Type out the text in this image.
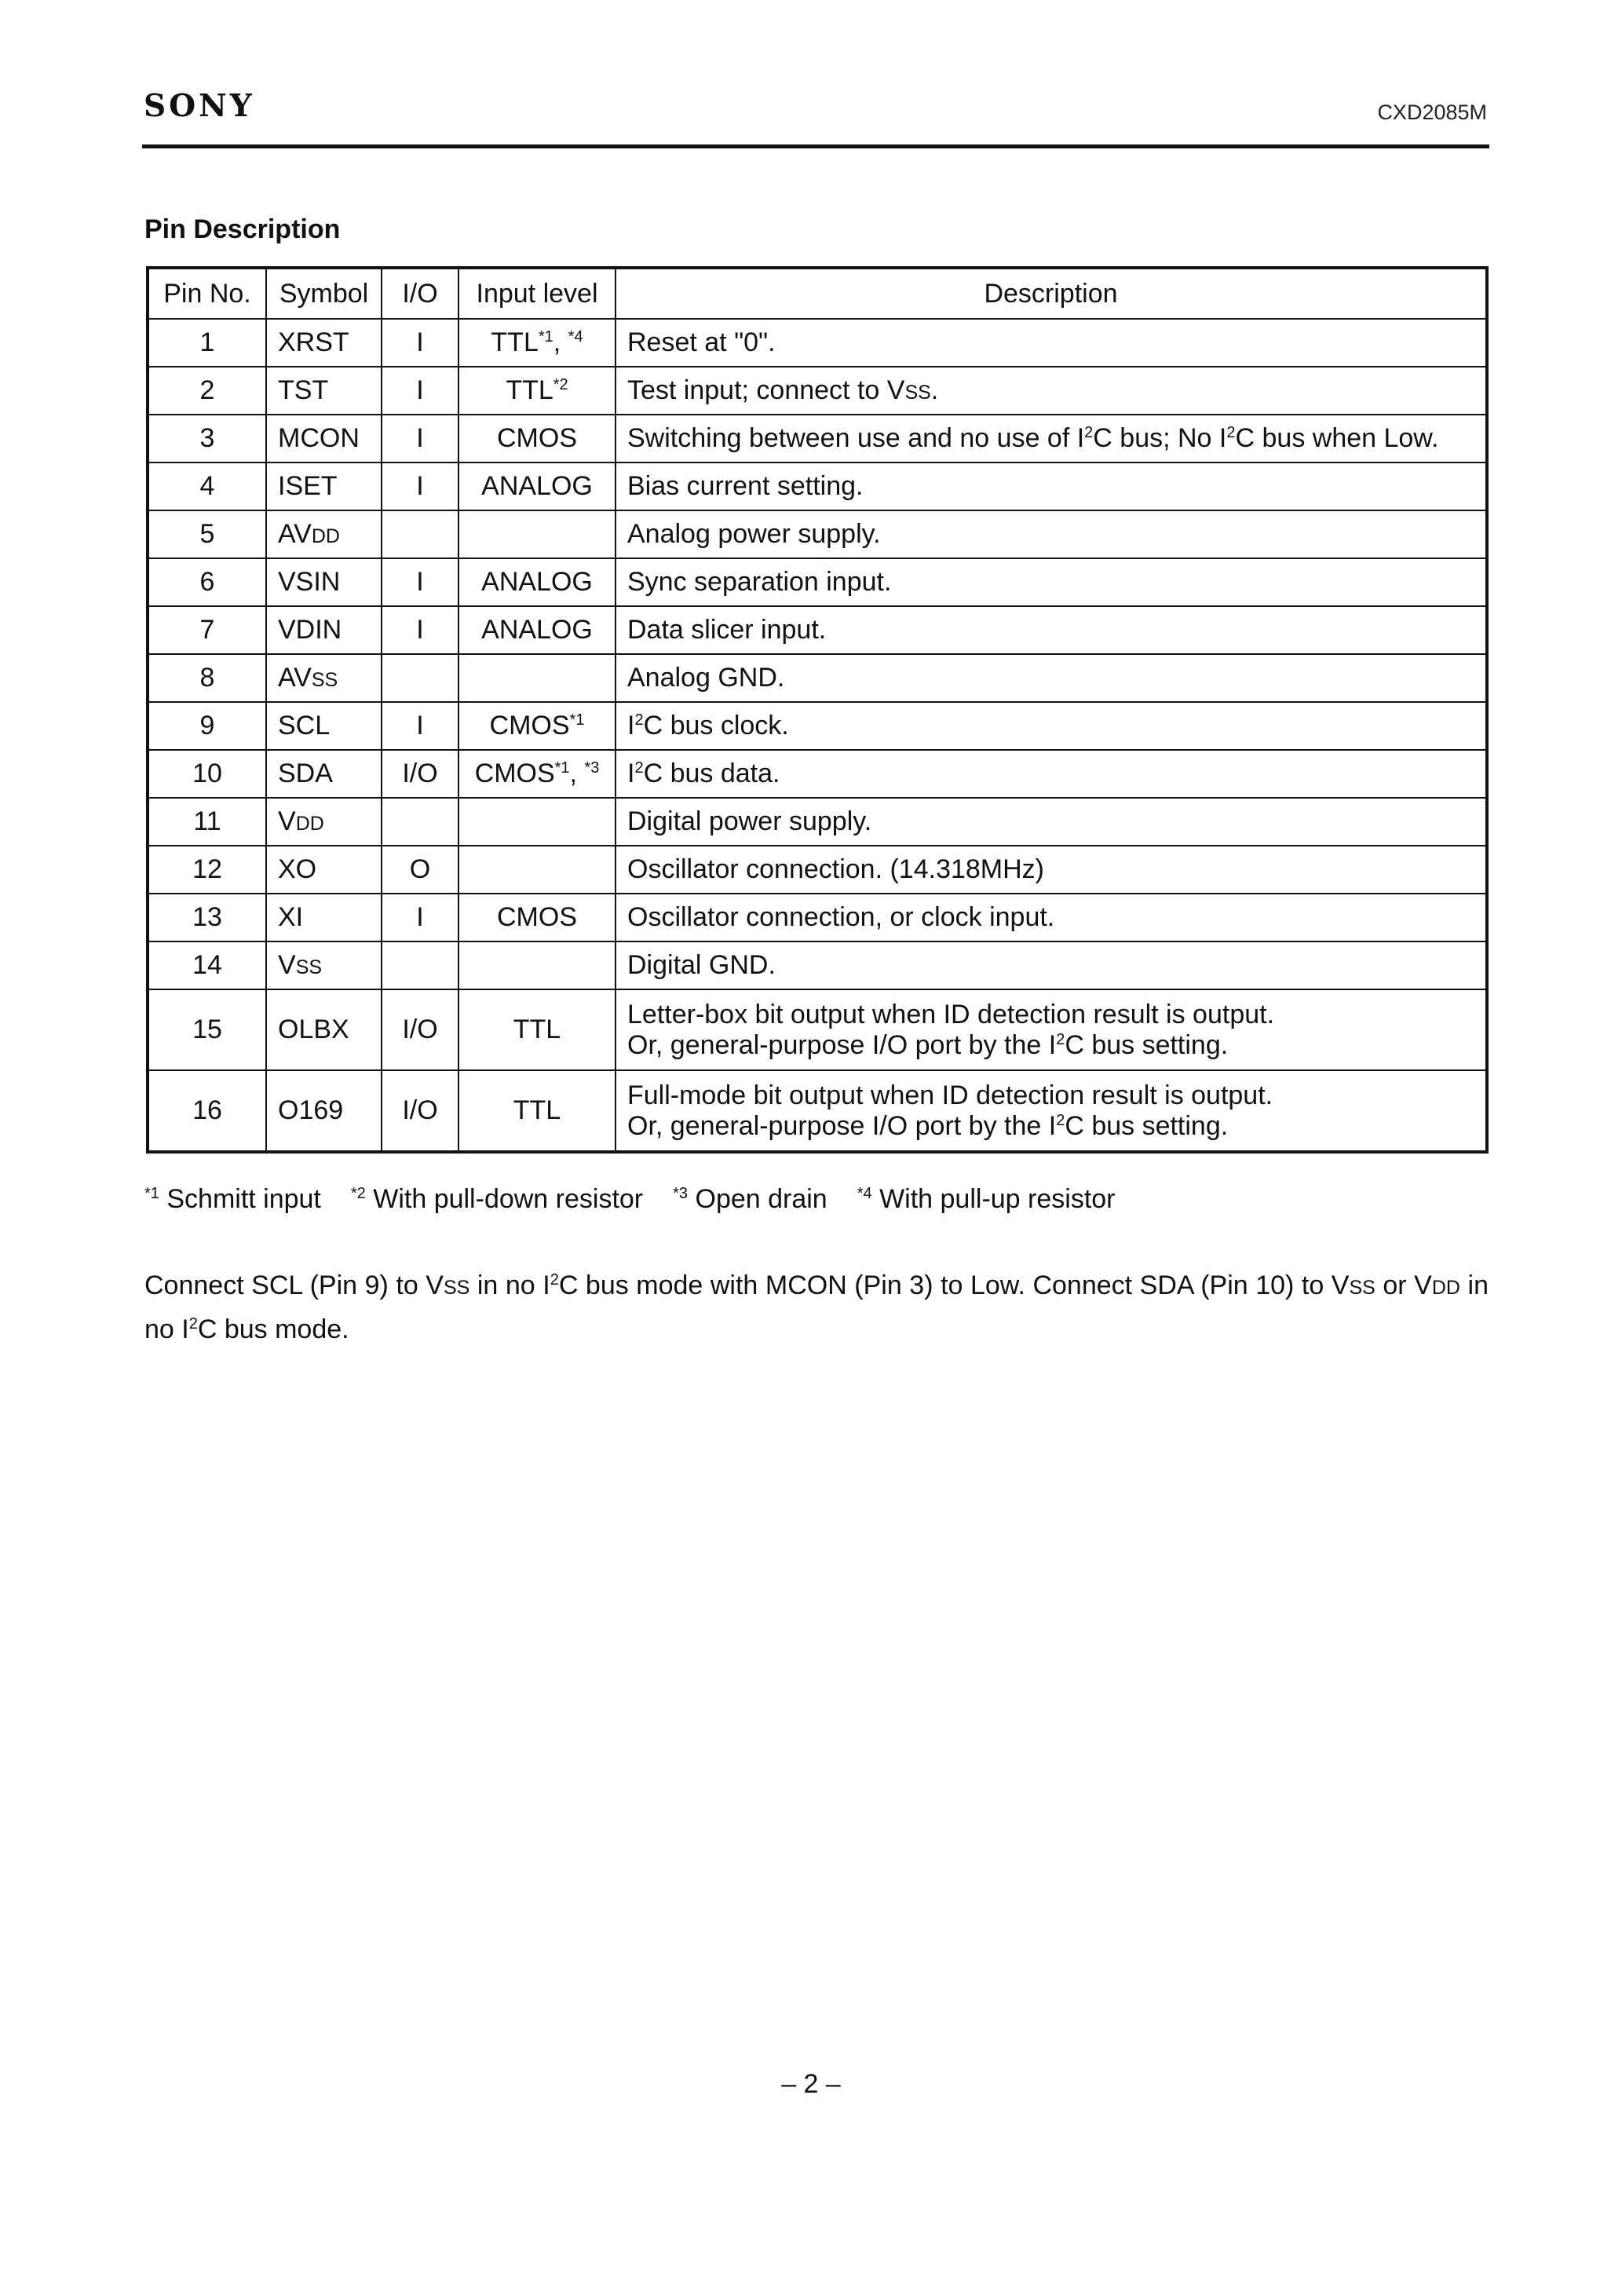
SONY	CXD2085M
Pin Description
Pin No.	Symbol	I/O	Input level	Description
1	XRST	I	TTL$^{*1}$, $^{*4}$	Reset at "0".
2	TST	I	TTL$^{*2}$	Test input; connect to VSS.
3	MCON	I	CMOS	Switching between use and no use of $I^2C$ bus; No $I^2C$ bus when Low.
4	ISET	I	ANALOG	Bias current setting.
5	AVDD			Analog power supply.
6	VSIN	I	ANALOG	Sync separation input.
7	VDIN	I	ANALOG	Data slicer input.
8	AVSS			Analog GND.
9	SCL	I	CMOS$^{*1}$	$I^2C$ bus clock.
10	SDA	I/O	CMOS$^{*1}$, $^{*3}$	$I^2C$ bus data.
11	VDD			Digital power supply.
12	XO	O		Oscillator connection. (14.318MHz)
13	XI	I	CMOS	Oscillator connection, or clock input.
14	VSS			Digital GND.
15	OLBX	I/O	TTL	Letter-box bit output when ID detection result is output.
Or, general-purpose I/O port by the $I^2C$ bus setting.
16	O169	I/O	TTL	Full-mode bit output when ID detection result is output.
Or, general-purpose I/O port by the $I^2C$ bus setting.
$^{*1}$ Schmitt input $^{*2}$ With pull-down resistor $^{*3}$ Open drain $^{*4}$ With pull-up resistor
Connect SCL (Pin 9) to VSS in no $I^2C$ bus mode with MCON (Pin 3) to Low. Connect SDA (Pin 10) to VSS or VDD in no $I^2C$ bus mode.
– 2 –
